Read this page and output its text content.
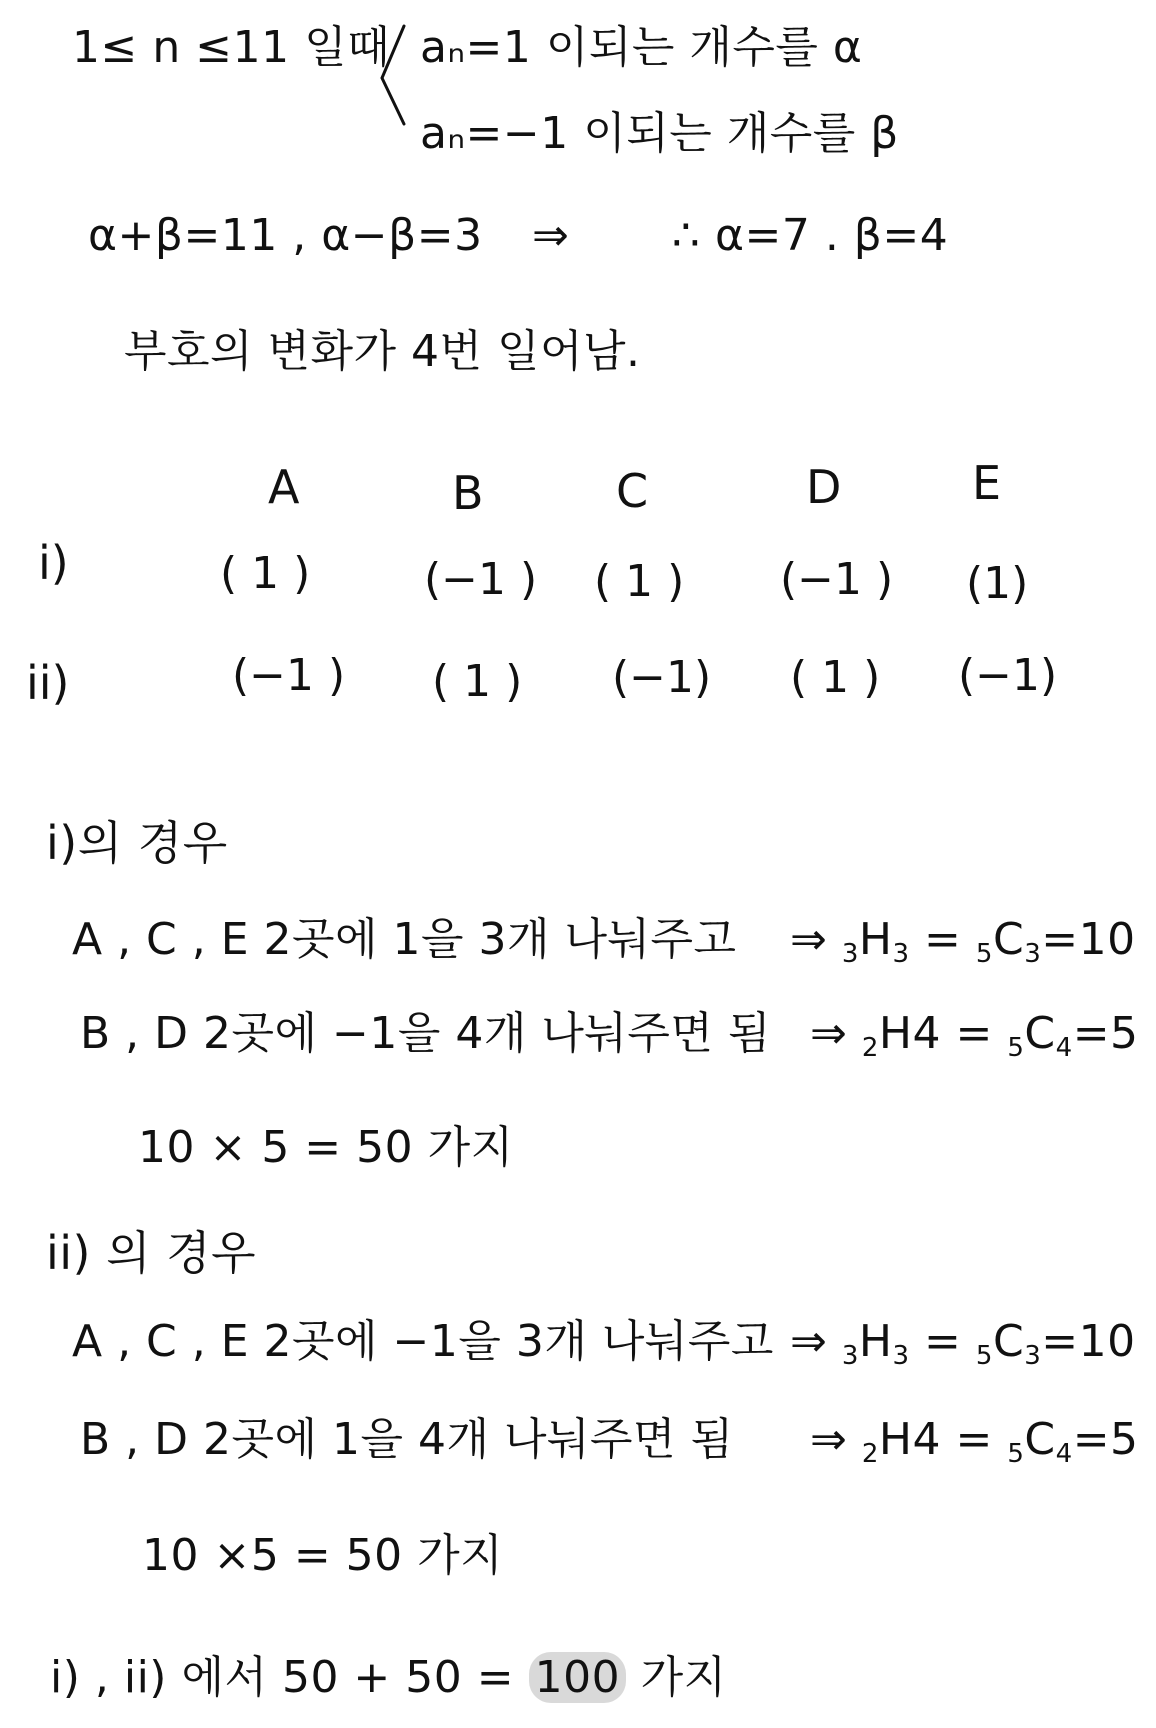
1≤ n ≤11 일때 aₙ=1 이되는 개수를 α
aₙ=−1 이되는 개수를 β
α+β=11 , α−β=3 ⇒ ∴ α=7 . β=4
부호의 변화가 4번 일어남.
A	B	C	D	E
i)	( 1 )	(−1 ) ( 1 ) (−1 ) (1)
ii)	(−1 ) ( 1 ) (−1) ( 1 ) (−1)
i)의 경우
A , C , E 2곳에 1을 3개 나눠주고 ⇒ $3H_3 = 5C_3=10$
B , D 2곳에 −1을 4개 나눠주면 됨 ⇒ $2H4 = 5C_4=5$
10 × 5 = 50 가지
ii) 의 경우
A , C , E 2곳에 −1을 3개 나눠주고 ⇒ $3H_3 = 5C_3=10$
B , D 2곳에 1을 4개 나눠주면 됨 ⇒ $2H4 = 5C_4=5$
10 ×5 = 50 가지
i) , ii) 에서 50 + 50 = 100 가지
